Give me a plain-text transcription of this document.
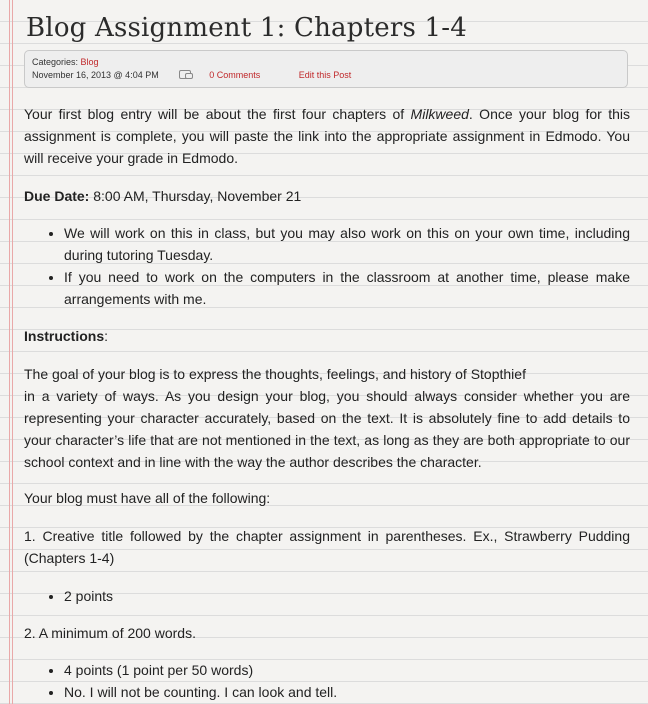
Blog Assignment 1: Chapters 1-4
Categories: Blog
November 16, 2013 @ 4:04 PM	0 Comments	Edit this Post

Your first blog entry will be about the first four chapters of Milkweed. Once your blog for this assignment is complete, you will paste the link into the appropriate assignment in Edmodo. You will receive your grade in Edmodo.

Due Date: 8:00 AM, Thursday, November 21

• We will work on this in class, but you may also work on this on your own time, including during tutoring Tuesday.
• If you need to work on the computers in the classroom at another time, please make arrangements with me.

Instructions:

The goal of your blog is to express the thoughts, feelings, and history of Stopthief
in a variety of ways. As you design your blog, you should always consider whether you are representing your character accurately, based on the text. It is absolutely fine to add details to your character’s life that are not mentioned in the text, as long as they are both appropriate to our school context and in line with the way the author describes the character.

Your blog must have all of the following:

1. Creative title followed by the chapter assignment in parentheses. Ex., Strawberry Pudding (Chapters 1-4)

• 2 points

2. A minimum of 200 words.

• 4 points (1 point per 50 words)
• No. I will not be counting. I can look and tell.
